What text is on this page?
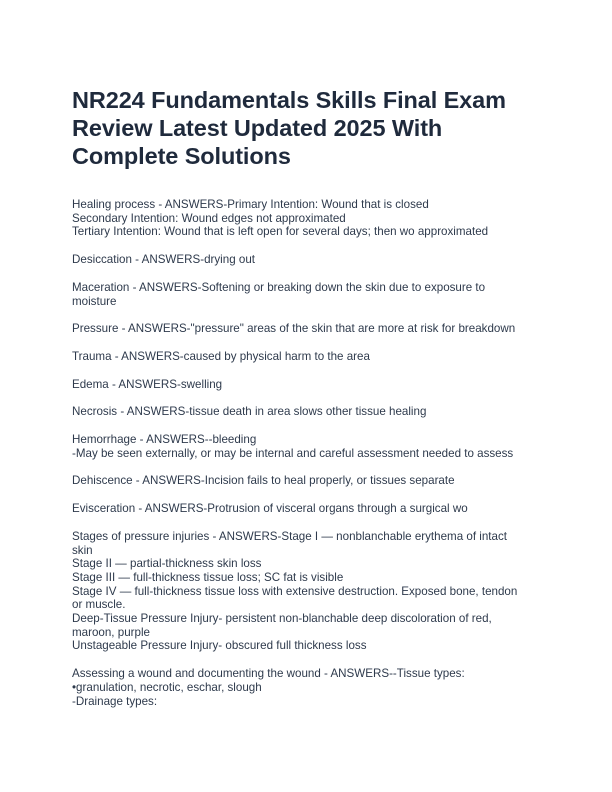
NR224 Fundamentals Skills Final Exam Review Latest Updated 2025 With Complete Solutions
Healing process - ANSWERS-Primary Intention: Wound that is closed
Secondary Intention: Wound edges not approximated
Tertiary Intention: Wound that is left open for several days; then wo approximated
Desiccation - ANSWERS-drying out
Maceration - ANSWERS-Softening or breaking down the skin due to exposure to
moisture
Pressure - ANSWERS-"pressure" areas of the skin that are more at risk for breakdown
Trauma - ANSWERS-caused by physical harm to the area
Edema - ANSWERS-swelling
Necrosis - ANSWERS-tissue death in area slows other tissue healing
Hemorrhage - ANSWERS--bleeding
-May be seen externally, or may be internal and careful assessment needed to assess
Dehiscence - ANSWERS-Incision fails to heal properly, or tissues separate
Evisceration - ANSWERS-Protrusion of visceral organs through a surgical wo
Stages of pressure injuries - ANSWERS-Stage I — nonblanchable erythema of intact
skin
Stage II — partial-thickness skin loss
Stage III — full-thickness tissue loss; SC fat is visible
Stage IV — full-thickness tissue loss with extensive destruction. Exposed bone, tendon
or muscle.
Deep-Tissue Pressure Injury- persistent non-blanchable deep discoloration of red,
maroon, purple
Unstageable Pressure Injury- obscured full thickness loss
Assessing a wound and documenting the wound - ANSWERS--Tissue types:
•granulation, necrotic, eschar, slough
-Drainage types:
